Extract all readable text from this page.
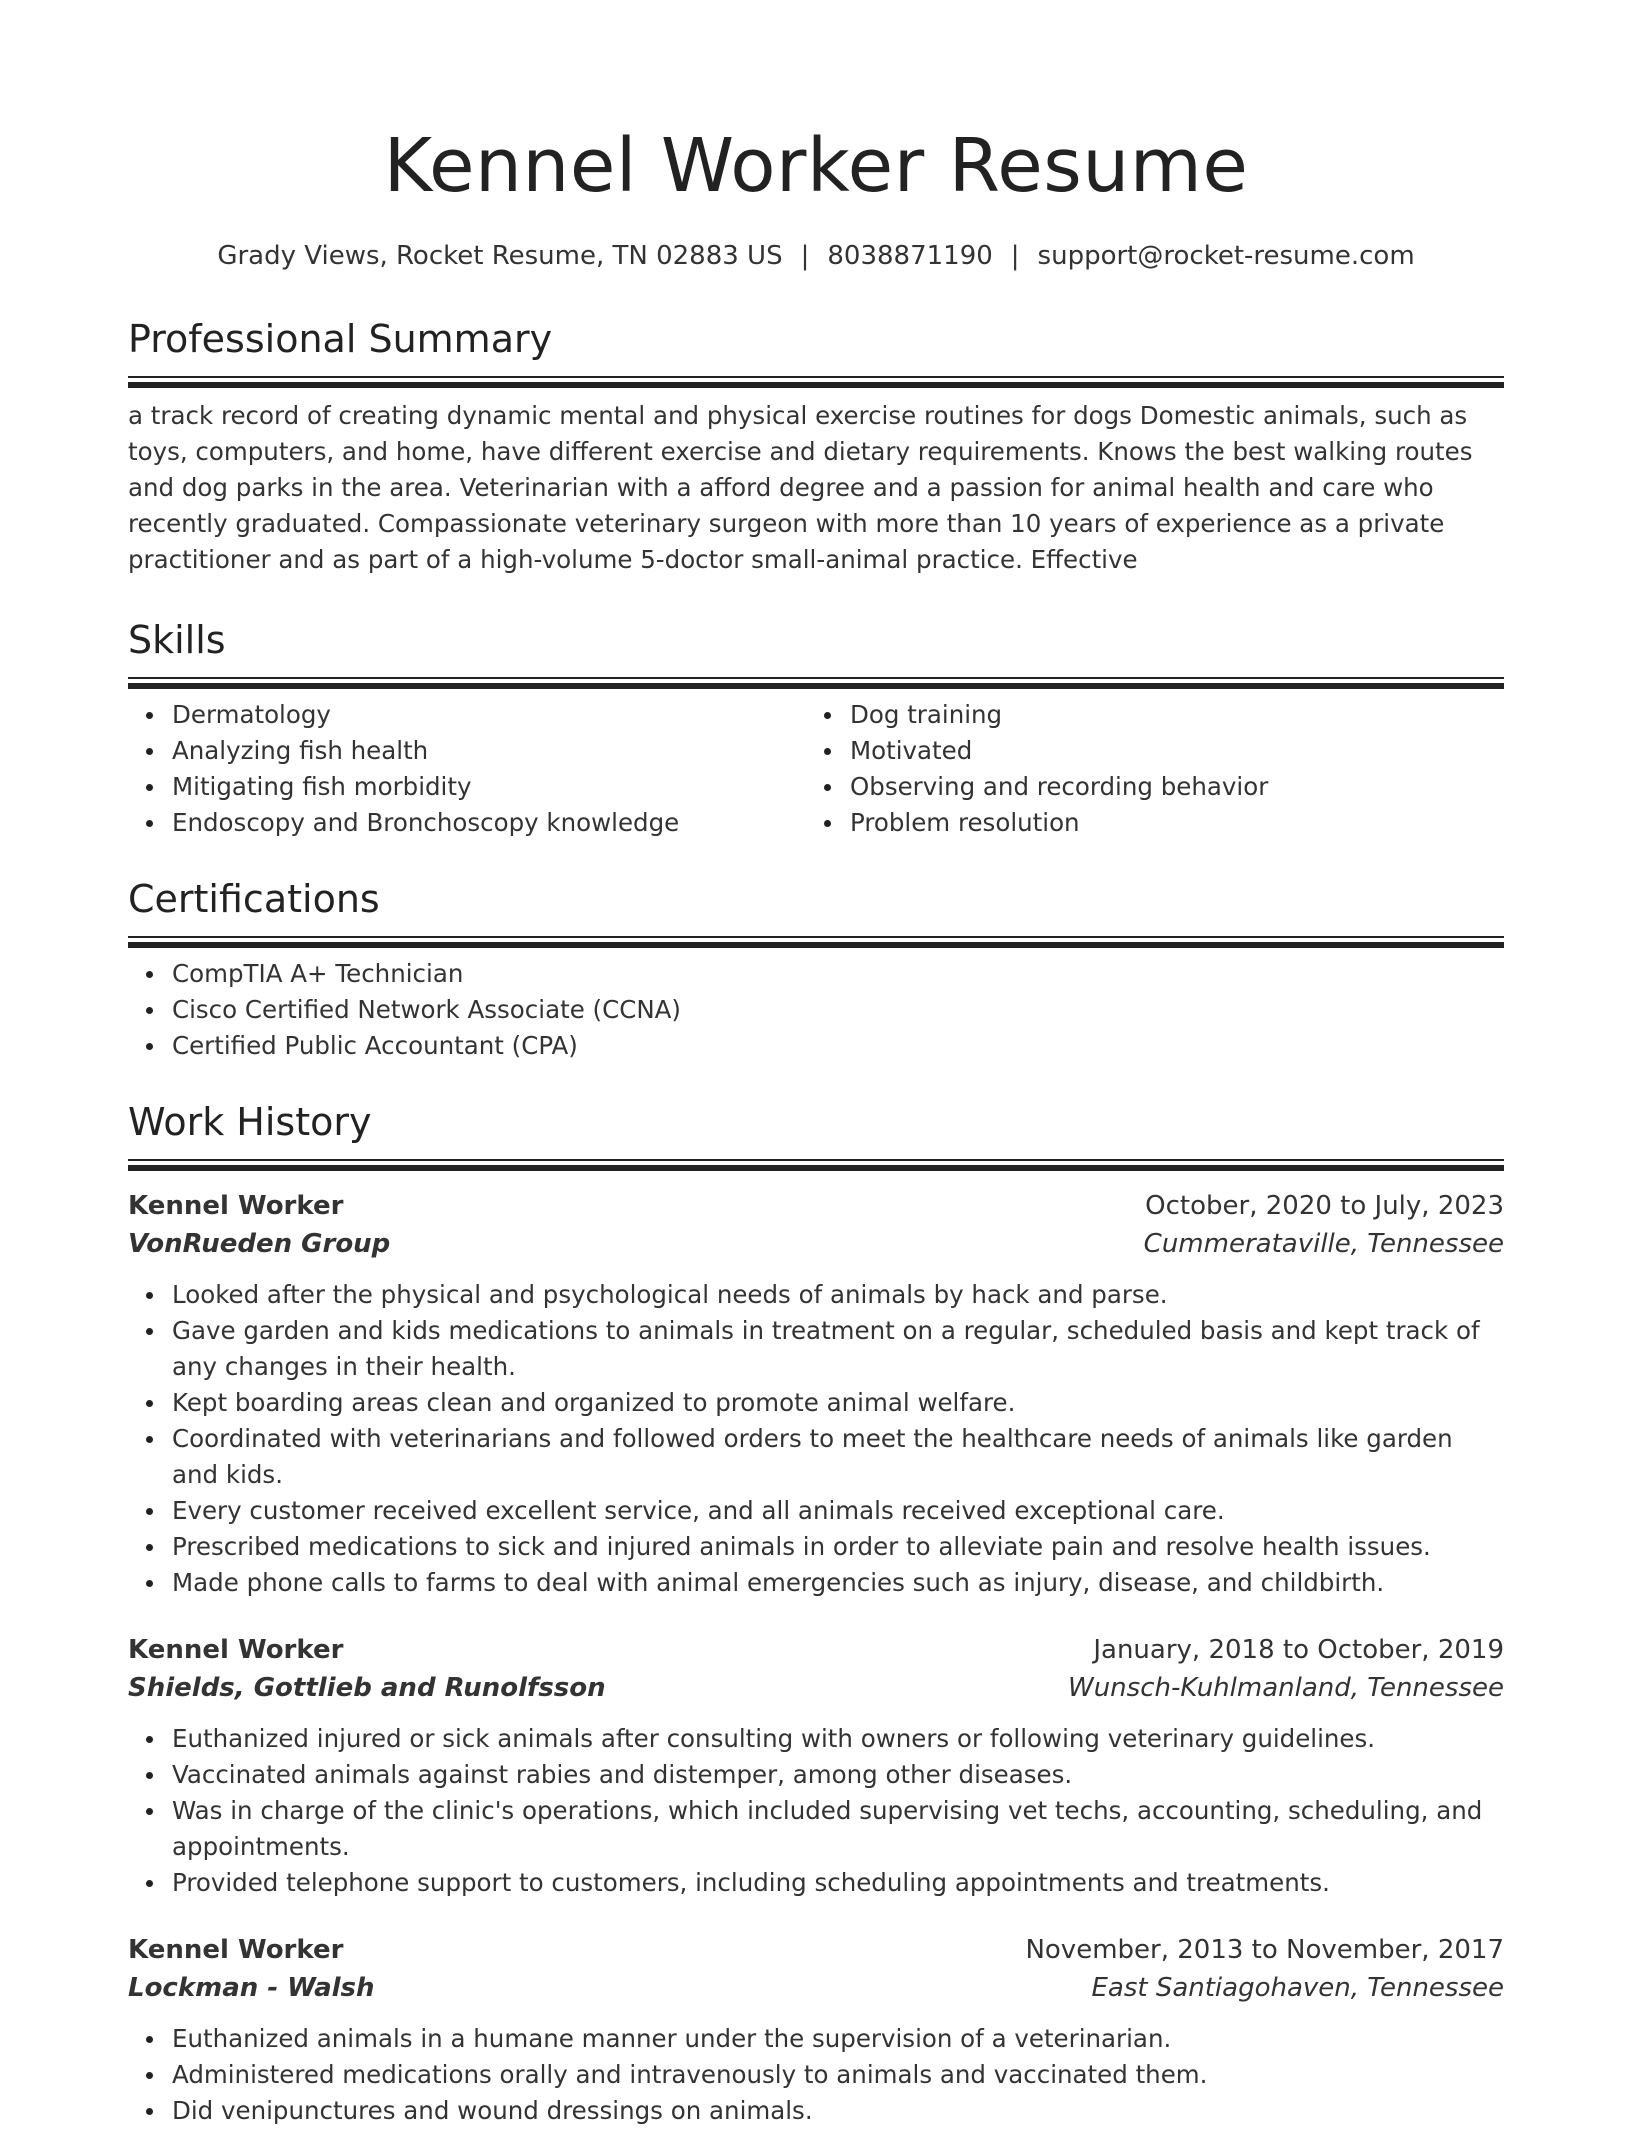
Kennel Worker Resume
Grady Views, Rocket Resume, TN 02883 US | 8038871190 | support@rocket-resume.com
Professional Summary
a track record of creating dynamic mental and physical exercise routines for dogs Domestic animals, such as toys, computers, and home, have different exercise and dietary requirements. Knows the best walking routes and dog parks in the area. Veterinarian with a afford degree and a passion for animal health and care who recently graduated. Compassionate veterinary surgeon with more than 10 years of experience as a private practitioner and as part of a high-volume 5-doctor small-animal practice. Effective
Skills
Dermatology
Analyzing fish health
Mitigating fish morbidity
Endoscopy and Bronchoscopy knowledge
Dog training
Motivated
Observing and recording behavior
Problem resolution
Certifications
CompTIA A+ Technician
Cisco Certified Network Associate (CCNA)
Certified Public Accountant (CPA)
Work History
Kennel Worker	October, 2020 to July, 2023
VonRueden Group	Cummerataville, Tennessee
Looked after the physical and psychological needs of animals by hack and parse.
Gave garden and kids medications to animals in treatment on a regular, scheduled basis and kept track of any changes in their health.
Kept boarding areas clean and organized to promote animal welfare.
Coordinated with veterinarians and followed orders to meet the healthcare needs of animals like garden and kids.
Every customer received excellent service, and all animals received exceptional care.
Prescribed medications to sick and injured animals in order to alleviate pain and resolve health issues.
Made phone calls to farms to deal with animal emergencies such as injury, disease, and childbirth.
Kennel Worker	January, 2018 to October, 2019
Shields, Gottlieb and Runolfsson	Wunsch-Kuhlmanland, Tennessee
Euthanized injured or sick animals after consulting with owners or following veterinary guidelines.
Vaccinated animals against rabies and distemper, among other diseases.
Was in charge of the clinic's operations, which included supervising vet techs, accounting, scheduling, and appointments.
Provided telephone support to customers, including scheduling appointments and treatments.
Kennel Worker	November, 2013 to November, 2017
Lockman - Walsh	East Santiagohaven, Tennessee
Euthanized animals in a humane manner under the supervision of a veterinarian.
Administered medications orally and intravenously to animals and vaccinated them.
Did venipunctures and wound dressings on animals.
